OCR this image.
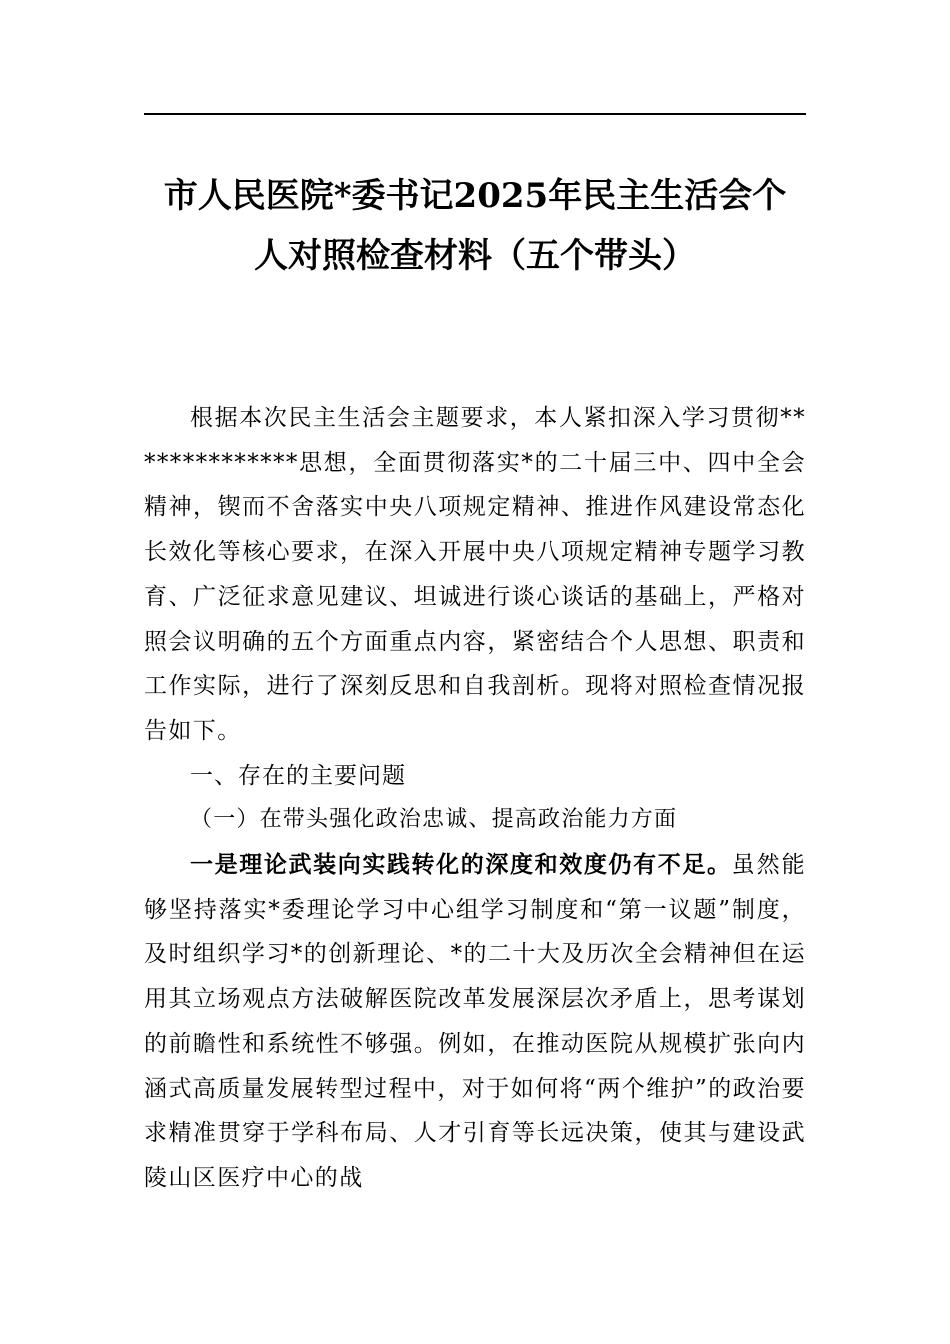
市人民医院*委书记2025年民主生活会个
人对照检查材料（五个带头）

根据本次民主生活会主题要求，本人紧扣深入学习贯彻**************思想，全面贯彻落实*的二十届三中、四中全会精神，锲而不舍落实中央八项规定精神、推进作风建设常态化长效化等核心要求，在深入开展中央八项规定精神专题学习教育、广泛征求意见建议、坦诚进行谈心谈话的基础上，严格对照会议明确的五个方面重点内容，紧密结合个人思想、职责和工作实际，进行了深刻反思和自我剖析。现将对照检查情况报告如下。

一、存在的主要问题

（一）在带头强化政治忠诚、提高政治能力方面

一是理论武装向实践转化的深度和效度仍有不足。虽然能够坚持落实*委理论学习中心组学习制度和“第一议题”制度，及时组织学习*的创新理论、*的二十大及历次全会精神但在运用其立场观点方法破解医院改革发展深层次矛盾上，思考谋划的前瞻性和系统性不够强。例如，在推动医院从规模扩张向内涵式高质量发展转型过程中，对于如何将“两个维护”的政治要求精准贯穿于学科布局、人才引育等长远决策，使其与建设武陵山区医疗中心的战
